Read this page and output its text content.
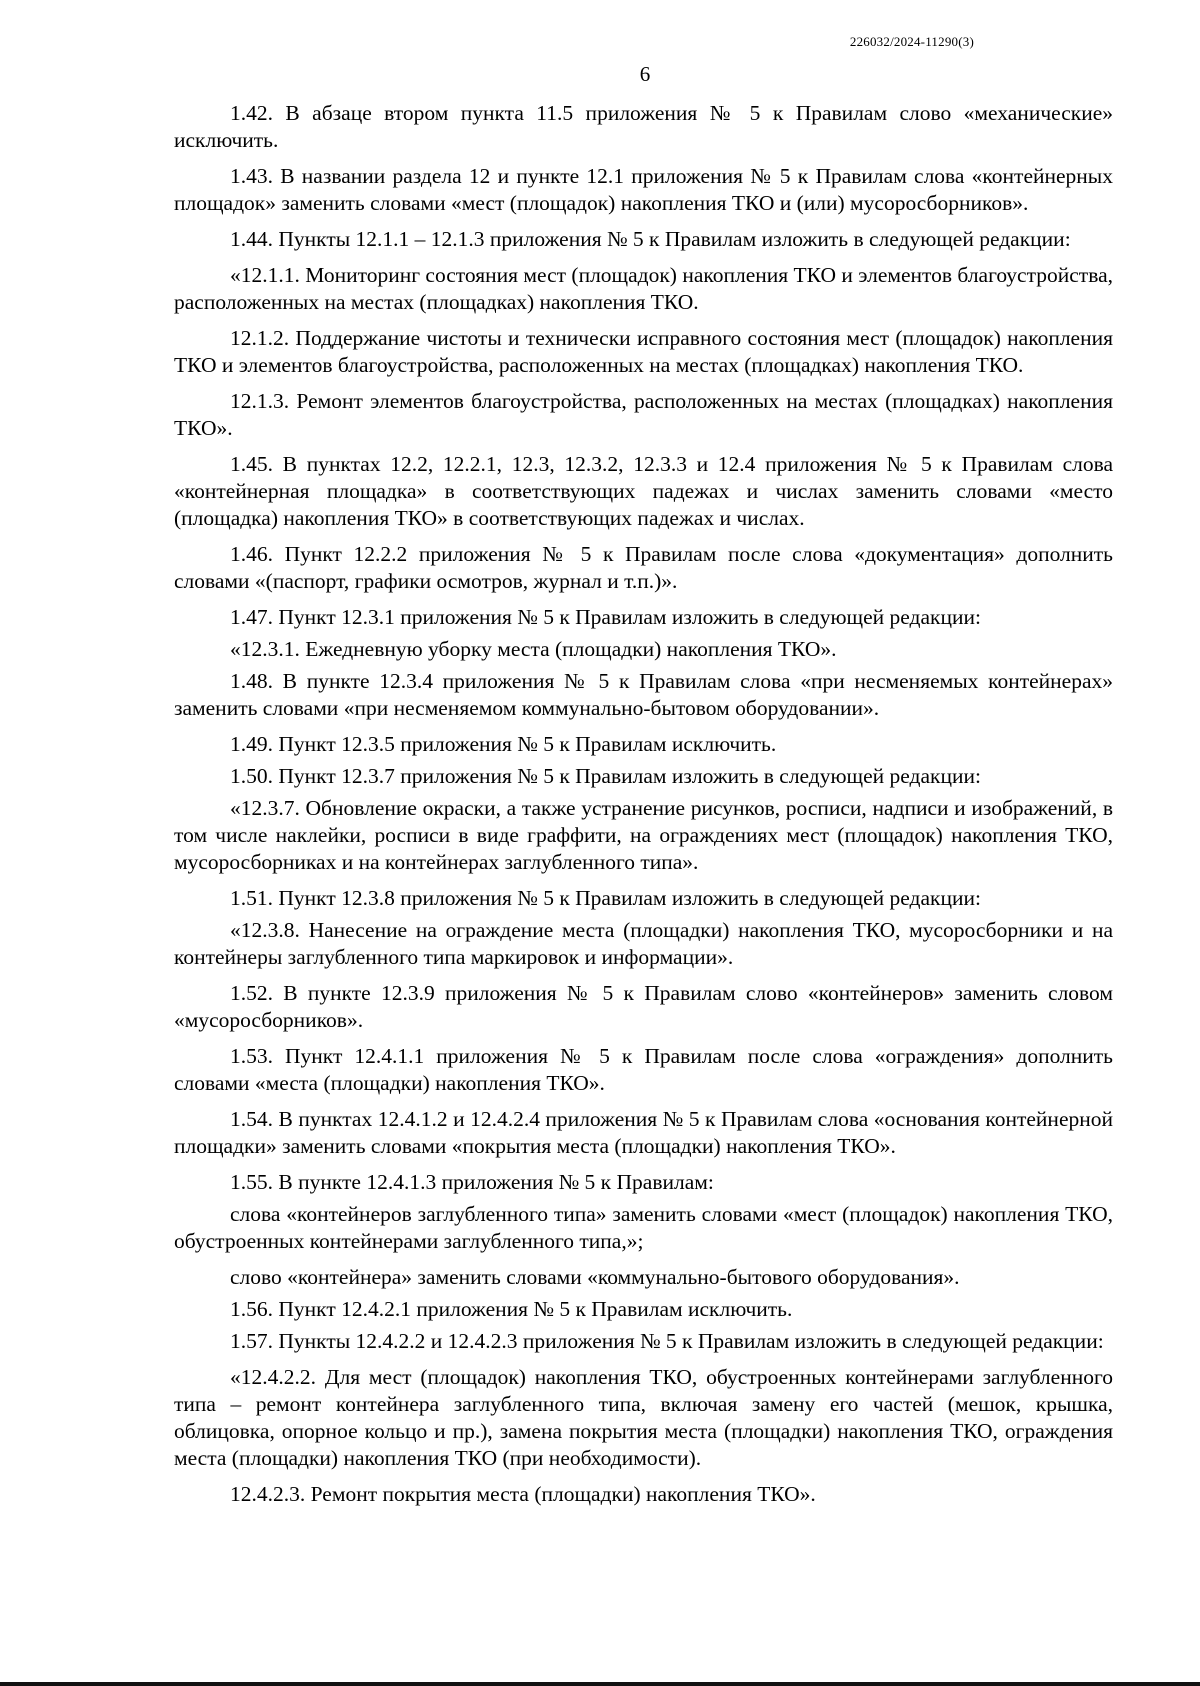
226032/2024-11290(3)
6

1.42. В абзаце втором пункта 11.5 приложения № 5 к Правилам слово «механические» исключить.

1.43. В названии раздела 12 и пункте 12.1 приложения № 5 к Правилам слова «контейнерных площадок» заменить словами «мест (площадок) накопления ТКО и (или) мусоросборников».

1.44. Пункты 12.1.1 – 12.1.3 приложения № 5 к Правилам изложить в следующей редакции:

«12.1.1. Мониторинг состояния мест (площадок) накопления ТКО и элементов благоустройства, расположенных на местах (площадках) накопления ТКО.

12.1.2. Поддержание чистоты и технически исправного состояния мест (площадок) накопления ТКО и элементов благоустройства, расположенных на местах (площадках) накопления ТКО.

12.1.3. Ремонт элементов благоустройства, расположенных на местах (площадках) накопления ТКО».

1.45. В пунктах 12.2, 12.2.1, 12.3, 12.3.2, 12.3.3 и 12.4 приложения № 5 к Правилам слова «контейнерная площадка» в соответствующих падежах и числах заменить словами «место (площадка) накопления ТКО» в соответствующих падежах и числах.

1.46. Пункт 12.2.2 приложения № 5 к Правилам после слова «документация» дополнить словами «(паспорт, графики осмотров, журнал и т.п.)».

1.47. Пункт 12.3.1 приложения № 5 к Правилам изложить в следующей редакции:

«12.3.1. Ежедневную уборку места (площадки) накопления ТКО».

1.48. В пункте 12.3.4 приложения № 5 к Правилам слова «при несменяемых контейнерах» заменить словами «при несменяемом коммунально-бытовом оборудовании».

1.49. Пункт 12.3.5 приложения № 5 к Правилам исключить.

1.50. Пункт 12.3.7 приложения № 5 к Правилам изложить в следующей редакции:

«12.3.7. Обновление окраски, а также устранение рисунков, росписи, надписи и изображений, в том числе наклейки, росписи в виде граффити, на ограждениях мест (площадок) накопления ТКО, мусоросборниках и на контейнерах заглубленного типа».

1.51. Пункт 12.3.8 приложения № 5 к Правилам изложить в следующей редакции:

«12.3.8. Нанесение на ограждение места (площадки) накопления ТКО, мусоросборники и на контейнеры заглубленного типа маркировок и информации».

1.52. В пункте 12.3.9 приложения № 5 к Правилам слово «контейнеров» заменить словом «мусоросборников».

1.53. Пункт 12.4.1.1 приложения № 5 к Правилам после слова «ограждения» дополнить словами «места (площадки) накопления ТКО».

1.54. В пунктах 12.4.1.2 и 12.4.2.4 приложения № 5 к Правилам слова «основания контейнерной площадки» заменить словами «покрытия места (площадки) накопления ТКО».

1.55. В пункте 12.4.1.3 приложения № 5 к Правилам:

слова «контейнеров заглубленного типа» заменить словами «мест (площадок) накопления ТКО, обустроенных контейнерами заглубленного типа,»;

слово «контейнера» заменить словами «коммунально-бытового оборудования».

1.56. Пункт 12.4.2.1 приложения № 5 к Правилам исключить.

1.57. Пункты 12.4.2.2 и 12.4.2.3 приложения № 5 к Правилам изложить в следующей редакции:

«12.4.2.2. Для мест (площадок) накопления ТКО, обустроенных контейнерами заглубленного типа – ремонт контейнера заглубленного типа, включая замену его частей (мешок, крышка, облицовка, опорное кольцо и пр.), замена покрытия места (площадки) накопления ТКО, ограждения места (площадки) накопления ТКО (при необходимости).

12.4.2.3. Ремонт покрытия места (площадки) накопления ТКО».
